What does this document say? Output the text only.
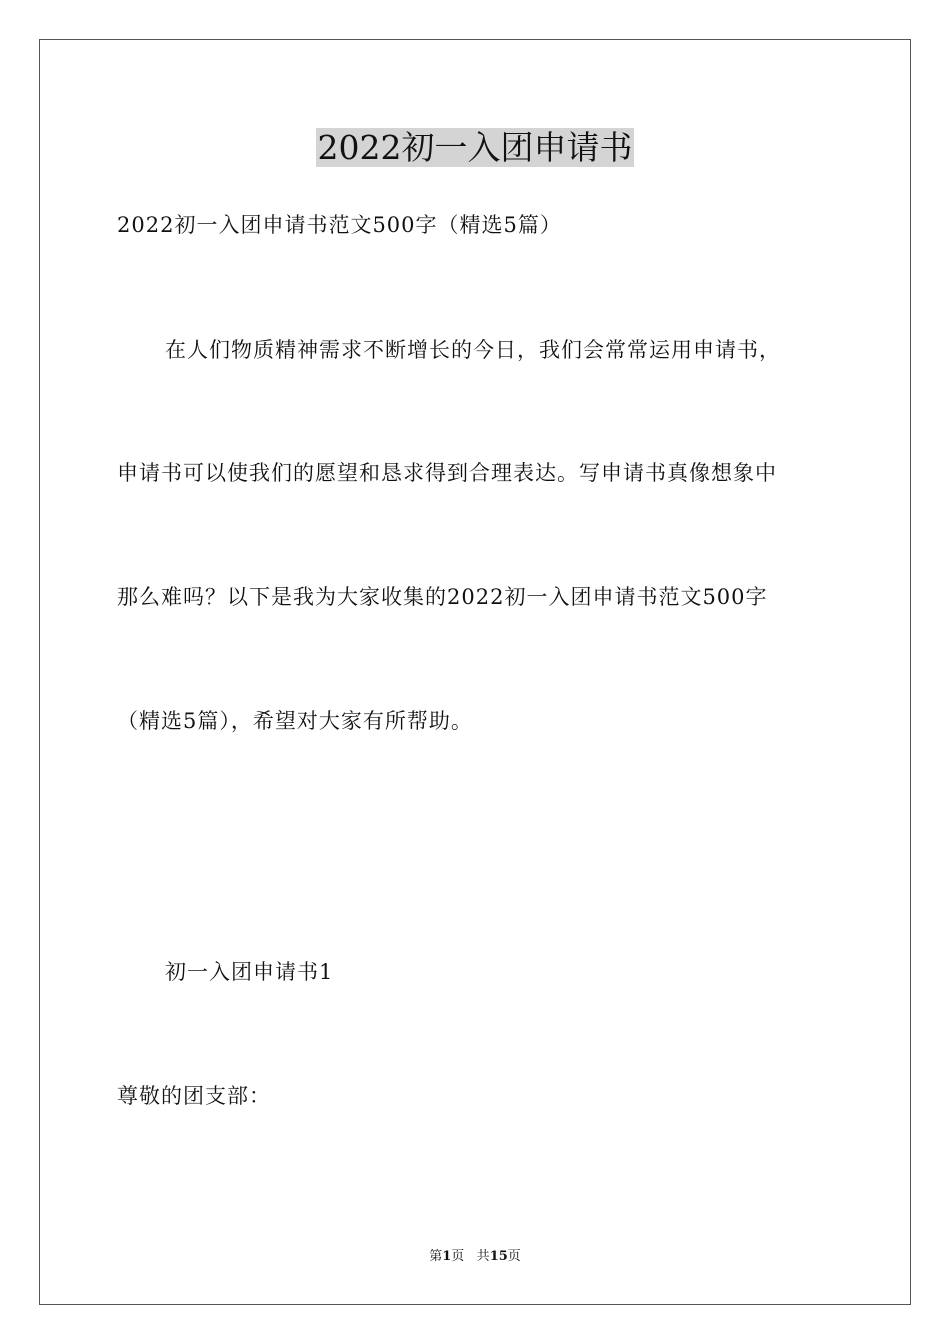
2022初一入团申请书
2022初一入团申请书范文500字（精选5篇）
在人们物质精神需求不断增长的今日，我们会常常运用申请书，
申请书可以使我们的愿望和恳求得到合理表达。写申请书真像想象中
那么难吗？以下是我为大家收集的2022初一入团申请书范文500字
（精选5篇），希望对大家有所帮助。
初一入团申请书1
尊敬的团支部：
第1页 共15页
